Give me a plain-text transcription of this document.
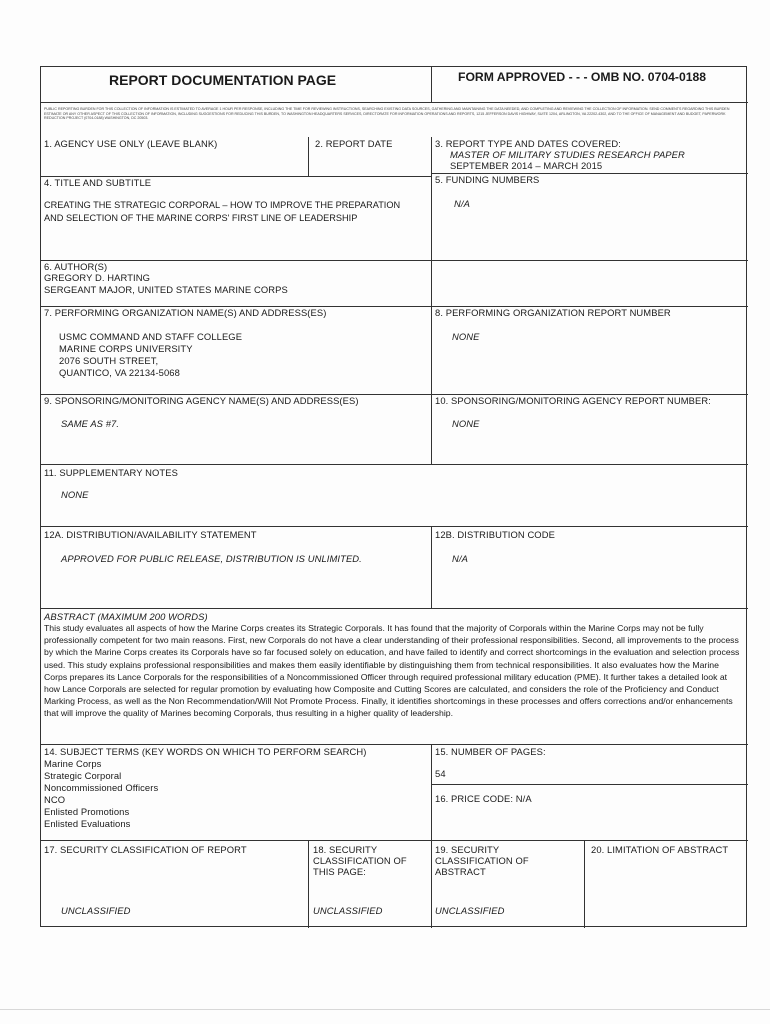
REPORT DOCUMENTATION PAGE	FORM APPROVED - - - OMB NO. 0704-0188
PUBLIC REPORTING BURDEN FOR THIS COLLECTION OF INFORMATION IS ESTIMATED TO AVERAGE 1 HOUR PER RESPONSE, INCLUDING THE TIME FOR REVIEWING INSTRUCTIONS, SEARCHING EXISTING DATA SOURCES, GATHERING AND MAINTAINING THE DATA NEEDED, AND COMPLETING AND REVIEWING THE COLLECTION OF INFORMATION. SEND COMMENTS REGARDING THIS BURDEN ESTIMATE OR ANY OTHER ASPECT OF THIS COLLECTION OF INFORMATION, INCLUDING SUGGESTIONS FOR REDUCING THIS BURDEN, TO WASHINGTON HEADQUARTERS SERVICES, DIRECTORATE FOR INFORMATION OPERATIONS AND REPORTS, 1215 JEFFERSON DAVIS HIGHWAY, SUITE 1204, ARLINGTON, VA 22202-4302, AND TO THE OFFICE OF MANAGEMENT AND BUDGET, PAPERWORK REDUCTION PROJECT (0704-0188) WASHINGTON, DC 20503.
1. AGENCY USE ONLY (LEAVE BLANK)	2. REPORT DATE	3. REPORT TYPE AND DATES COVERED:
MASTER OF MILITARY STUDIES RESEARCH PAPER
SEPTEMBER 2014 – MARCH 2015
4. TITLE AND SUBTITLE
CREATING THE STRATEGIC CORPORAL – HOW TO IMPROVE THE PREPARATION AND SELECTION OF THE MARINE CORPS' FIRST LINE OF LEADERSHIP
5. FUNDING NUMBERS
N/A
6. AUTHOR(S)
GREGORY D. HARTING
SERGEANT MAJOR, UNITED STATES MARINE CORPS
7. PERFORMING ORGANIZATION NAME(S) AND ADDRESS(ES)
USMC COMMAND AND STAFF COLLEGE
MARINE CORPS UNIVERSITY
2076 SOUTH STREET,
QUANTICO, VA 22134-5068
8. PERFORMING ORGANIZATION REPORT NUMBER
NONE
9. SPONSORING/MONITORING AGENCY NAME(S) AND ADDRESS(ES)
SAME AS #7.
10. SPONSORING/MONITORING AGENCY REPORT NUMBER:
NONE
11. SUPPLEMENTARY NOTES
NONE
12A. DISTRIBUTION/AVAILABILITY STATEMENT
APPROVED FOR PUBLIC RELEASE, DISTRIBUTION IS UNLIMITED.
12B. DISTRIBUTION CODE
N/A
ABSTRACT (MAXIMUM 200 WORDS)
This study evaluates all aspects of how the Marine Corps creates its Strategic Corporals. It has found that the majority of Corporals within the Marine Corps may not be fully professionally competent for two main reasons. First, new Corporals do not have a clear understanding of their professional responsibilities. Second, all improvements to the process by which the Marine Corps creates its Corporals have so far focused solely on education, and have failed to identify and correct shortcomings in the evaluation and selection process used. This study explains professional responsibilities and makes them easily identifiable by distinguishing them from technical responsibilities. It also evaluates how the Marine Corps prepares its Lance Corporals for the responsibilities of a Noncommissioned Officer through required professional military education (PME). It further takes a detailed look at how Lance Corporals are selected for regular promotion by evaluating how Composite and Cutting Scores are calculated, and considers the role of the Proficiency and Conduct Marking Process, as well as the Non Recommendation/Will Not Promote Process. Finally, it identifies shortcomings in these processes and offers corrections and/or enhancements that will improve the quality of Marines becoming Corporals, thus resulting in a higher quality of leadership.
14. SUBJECT TERMS (KEY WORDS ON WHICH TO PERFORM SEARCH)
Marine Corps
Strategic Corporal
Noncommissioned Officers
NCO
Enlisted Promotions
Enlisted Evaluations
15. NUMBER OF PAGES:
54
16. PRICE CODE: N/A
17. SECURITY CLASSIFICATION OF REPORT
UNCLASSIFIED
18. SECURITY
CLASSIFICATION OF
THIS PAGE:
UNCLASSIFIED
19. SECURITY
CLASSIFICATION OF
ABSTRACT
UNCLASSIFIED
20. LIMITATION OF ABSTRACT
